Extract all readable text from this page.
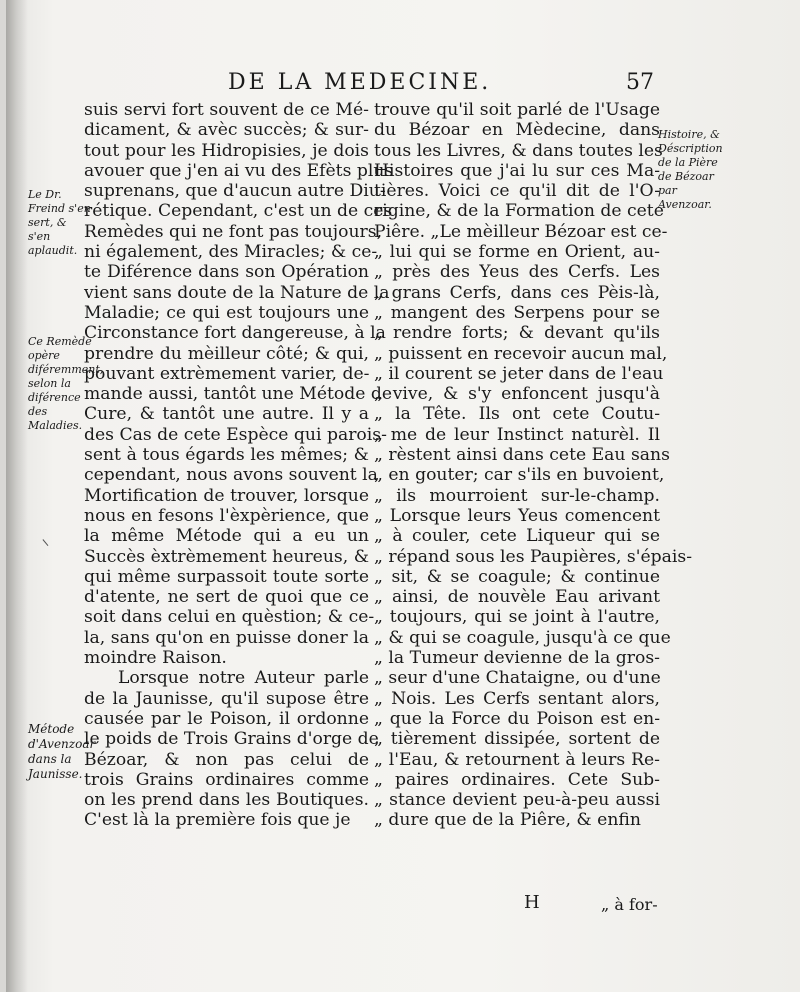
DE LA MEDECINE.	57
Le Dr. Freind s'en sert, & s'en aplaudit.
Ce Remède opère diféremment, selon la diférence des Maladies.
Métode d'Avenzoar dans la Jaunisse.
Histoire, & Déscription de la Pière de Bézoar par Avenzoar.
suis servi fort souvent de ce Mé-
dicament, & avèc succès; & sur-
tout pour les Hidropisies, je dois
avouer que j'en ai vu des Efèts plus
suprenans, que d'aucun autre Diu-
rétique. Cependant, c'est un de ces
Remèdes qui ne font pas toujours,
ni également, des Miracles; & ce-
te Diférence dans son Opération
vient sans doute de la Nature de la
Maladie; ce qui est toujours une
Circonstance fort dangereuse, à la
prendre du mèilleur côté; & qui,
pouvant extrèmement varier, de-
mande aussi, tantôt une Métode de
Cure, & tantôt une autre. Il y a
des Cas de cete Espèce qui parois-
sent à tous égards les mêmes; &
cependant, nous avons souvent la
Mortification de trouver, lorsque
nous en fesons l'èxpèrience, que
la même Métode qui a eu un
Succès èxtrèmement heureus, &
qui même surpassoit toute sorte
d'atente, ne sert de quoi que ce
soit dans celui en quèstion; & ce-
la, sans qu'on en puisse doner la
moindre Raison.
Lorsque notre Auteur parle
de la Jaunisse, qu'il supose être
causée par le Poison, il ordonne
le poids de Trois Grains d'orge de
Bézoar, & non pas celui de
trois Grains ordinaires comme
on les prend dans les Boutiques.
C'est là la première fois que je
trouve qu'il soit parlé de l'Usage
du Bézoar en Mèdecine, dans
tous les Livres, & dans toutes les
Histoires que j'ai lu sur ces Ma-
tières. Voici ce qu'il dit de l'O-
rigine, & de la Formation de cete
Piêre. „Le mèilleur Bézoar est ce-
„ lui qui se forme en Orient, au-
„ près des Yeus des Cerfs. Les
„ grans Cerfs, dans ces Pèis-là,
„ mangent des Serpens pour se
„ rendre forts; & devant qu'ils
„ puissent en recevoir aucun mal,
„ il courent se jeter dans de l'eau
„ vive, & s'y enfoncent jusqu'à
„ la Tête. Ils ont cete Coutu-
„ me de leur Instinct naturèl. Il
„ rèstent ainsi dans cete Eau sans
„ en gouter; car s'ils en buvoient,
„ ils mourroient sur-le-champ.
„ Lorsque leurs Yeus comencent
„ à couler, cete Liqueur qui se
„ répand sous les Paupières, s'épais-
„ sit, & se coagule; & continue
„ ainsi, de nouvèle Eau arivant
„ toujours, qui se joint à l'autre,
„ & qui se coagule, jusqu'à ce que
„ la Tumeur devienne de la gros-
„ seur d'une Chataigne, ou d'une
„ Nois. Les Cerfs sentant alors,
„ que la Force du Poison est en-
„ tièrement dissipée, sortent de
„ l'Eau, & retournent à leurs Re-
„ paires ordinaires. Cete Sub-
„ stance devient peu-à-peu aussi
„ dure que de la Piêre, & enfin
H	„ à for-
